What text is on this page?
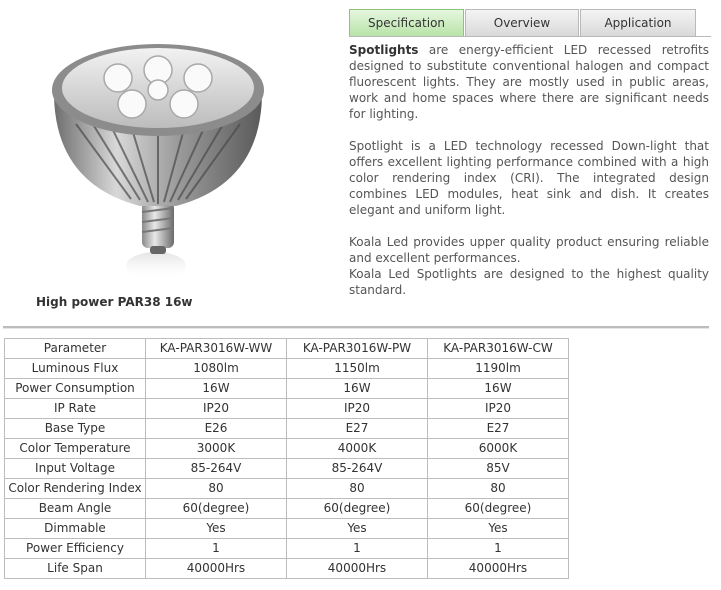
High power PAR38 16w
Specification	Overview	Application

Spotlights are energy-efficient LED recessed retrofits designed to substitute conventional halogen and compact fluorescent lights. They are mostly used in public areas, work and home spaces where there are significant needs for lighting.

Spotlight is a LED technology recessed Down-light that offers excellent lighting performance combined with a high color rendering index (CRI). The integrated design combines LED modules, heat sink and dish. It creates elegant and uniform light.

Koala Led provides upper quality product ensuring reliable and excellent performances.

Koala Led Spotlights are designed to the highest quality standard.

Parameter	KA-PAR3016W-WW	KA-PAR3016W-PW	KA-PAR3016W-CW
Luminous Flux	1080lm	1150lm	1190lm
Power Consumption	16W	16W	16W
IP Rate	IP20	IP20	IP20
Base Type	E26	E27	E27
Color Temperature	3000K	4000K	6000K
Input Voltage	85-264V	85-264V	85V
Color Rendering Index	80	80	80
Beam Angle	60(degree)	60(degree)	60(degree)
Dimmable	Yes	Yes	Yes
Power Efficiency	1	1	1
Life Span	40000Hrs	40000Hrs	40000Hrs
